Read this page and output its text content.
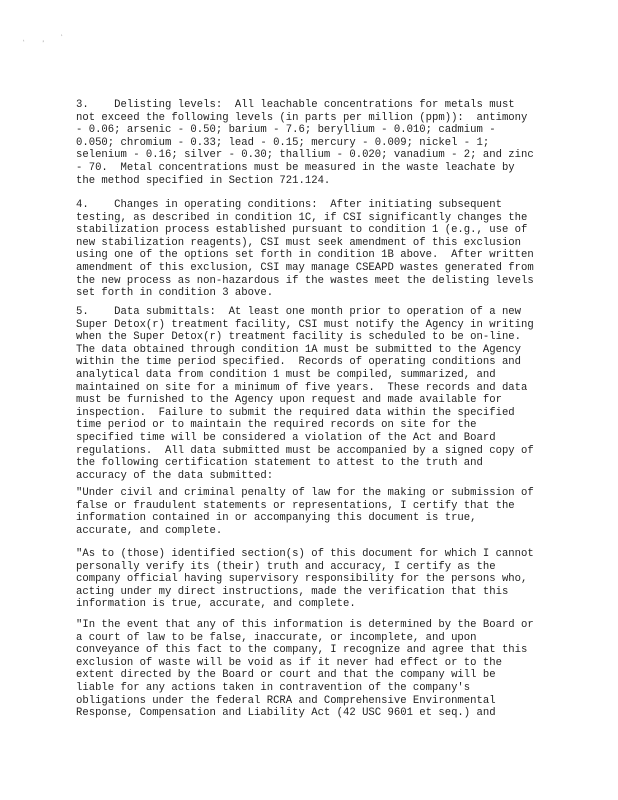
' , '
3.    Delisting levels:  All leachable concentrations for metals must
not exceed the following levels (in parts per million (ppm)):  antimony
- 0.06; arsenic - 0.50; barium - 7.6; beryllium - 0.010; cadmium -
0.050; chromium - 0.33; lead - 0.15; mercury - 0.009; nickel - 1;
selenium - 0.16; silver - 0.30; thallium - 0.020; vanadium - 2; and zinc
- 70.  Metal concentrations must be measured in the waste leachate by
the method specified in Section 721.124.
4.    Changes in operating conditions:  After initiating subsequent
testing, as described in condition 1C, if CSI significantly changes the
stabilization process established pursuant to condition 1 (e.g., use of
new stabilization reagents), CSI must seek amendment of this exclusion
using one of the options set forth in condition 1B above.  After written
amendment of this exclusion, CSI may manage CSEAPD wastes generated from
the new process as non-hazardous if the wastes meet the delisting levels
set forth in condition 3 above.
5.    Data submittals:  At least one month prior to operation of a new
Super Detox(r) treatment facility, CSI must notify the Agency in writing
when the Super Detox(r) treatment facility is scheduled to be on-line.
The data obtained through condition 1A must be submitted to the Agency
within the time period specified.  Records of operating conditions and
analytical data from condition 1 must be compiled, summarized, and
maintained on site for a minimum of five years.  These records and data
must be furnished to the Agency upon request and made available for
inspection.  Failure to submit the required data within the specified
time period or to maintain the required records on site for the
specified time will be considered a violation of the Act and Board
regulations.  All data submitted must be accompanied by a signed copy of
the following certification statement to attest to the truth and
accuracy of the data submitted:
"Under civil and criminal penalty of law for the making or submission of
false or fraudulent statements or representations, I certify that the
information contained in or accompanying this document is true,
accurate, and complete.
"As to (those) identified section(s) of this document for which I cannot
personally verify its (their) truth and accuracy, I certify as the
company official having supervisory responsibility for the persons who,
acting under my direct instructions, made the verification that this
information is true, accurate, and complete.
"In the event that any of this information is determined by the Board or
a court of law to be false, inaccurate, or incomplete, and upon
conveyance of this fact to the company, I recognize and agree that this
exclusion of waste will be void as if it never had effect or to the
extent directed by the Board or court and that the company will be
liable for any actions taken in contravention of the company's
obligations under the federal RCRA and Comprehensive Environmental
Response, Compensation and Liability Act (42 USC 9601 et seq.) and
